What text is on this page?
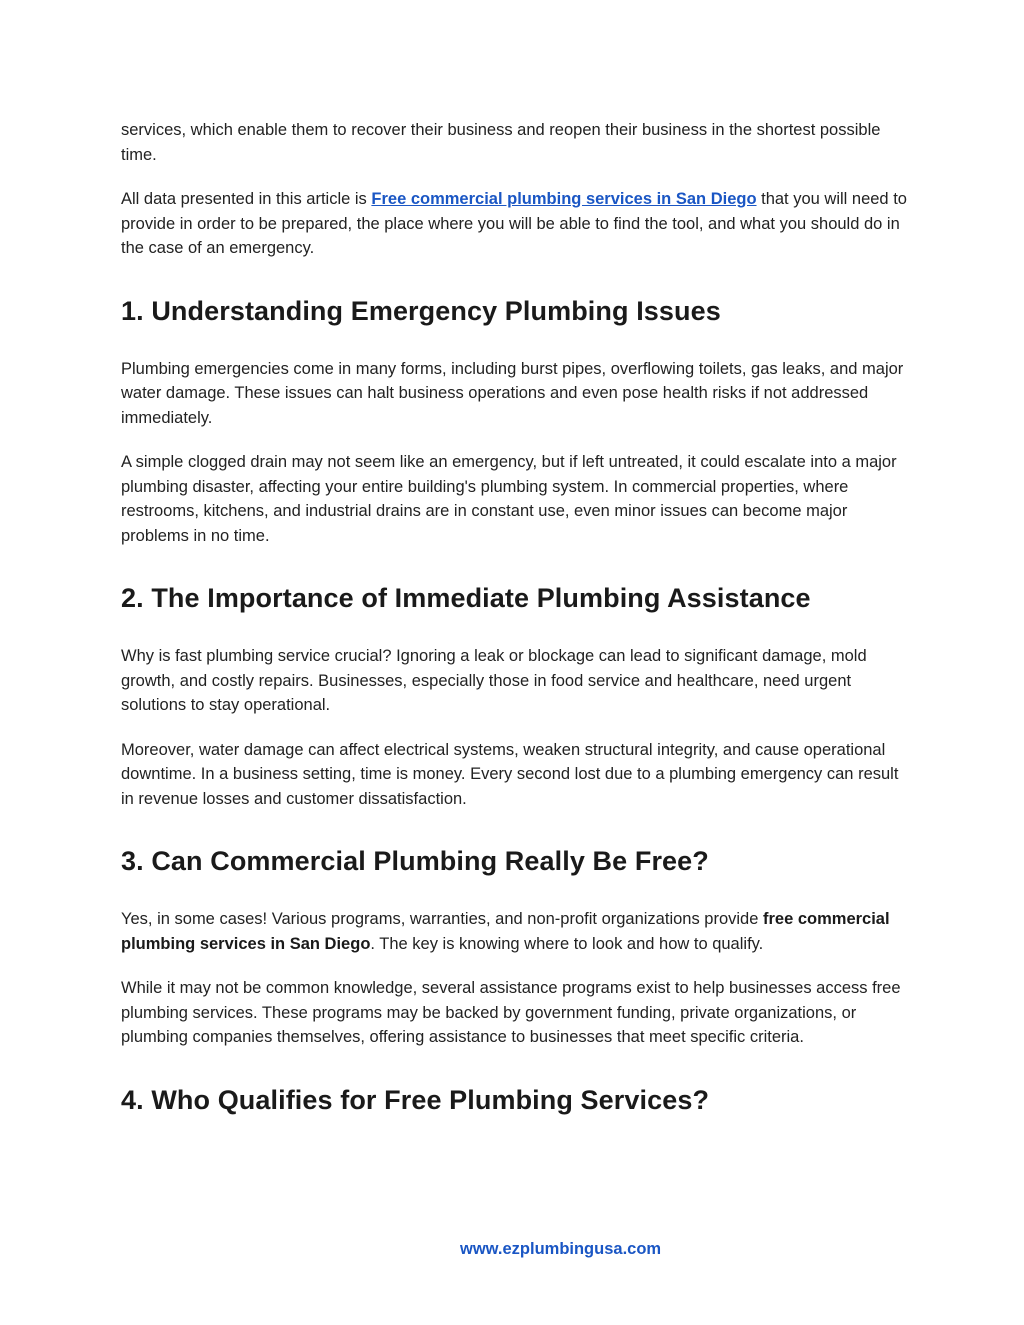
services, which enable them to recover their business and reopen their business in the shortest possible time.

All data presented in this article is Free commercial plumbing services in San Diego that you will need to provide in order to be prepared, the place where you will be able to find the tool, and what you should do in the case of an emergency.

1. Understanding Emergency Plumbing Issues

Plumbing emergencies come in many forms, including burst pipes, overflowing toilets, gas leaks, and major water damage. These issues can halt business operations and even pose health risks if not addressed immediately.

A simple clogged drain may not seem like an emergency, but if left untreated, it could escalate into a major plumbing disaster, affecting your entire building's plumbing system. In commercial properties, where restrooms, kitchens, and industrial drains are in constant use, even minor issues can become major problems in no time.

2. The Importance of Immediate Plumbing Assistance

Why is fast plumbing service crucial? Ignoring a leak or blockage can lead to significant damage, mold growth, and costly repairs. Businesses, especially those in food service and healthcare, need urgent solutions to stay operational.

Moreover, water damage can affect electrical systems, weaken structural integrity, and cause operational downtime. In a business setting, time is money. Every second lost due to a plumbing emergency can result in revenue losses and customer dissatisfaction.

3. Can Commercial Plumbing Really Be Free?

Yes, in some cases! Various programs, warranties, and non-profit organizations provide free commercial plumbing services in San Diego. The key is knowing where to look and how to qualify.

While it may not be common knowledge, several assistance programs exist to help businesses access free plumbing services. These programs may be backed by government funding, private organizations, or plumbing companies themselves, offering assistance to businesses that meet specific criteria.

4. Who Qualifies for Free Plumbing Services?
www.ezplumbingusa.com
